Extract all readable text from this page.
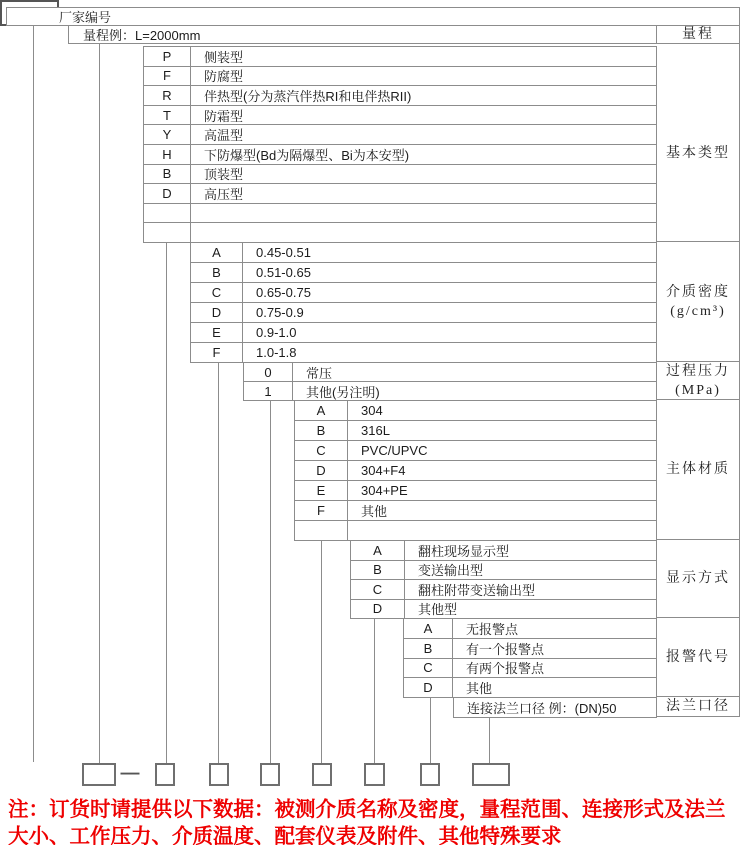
厂家编号
量程例：L=2000mm
P	侧装型
F	防腐型
R	伴热型(分为蒸汽伴热RI和电伴热RII)
T	防霜型
Y	高温型
H	下防爆型(Bd为隔爆型、Bi为本安型)
B	顶装型
D	高压型
A	0.45-0.51
B	0.51-0.65
C	0.65-0.75
D	0.75-0.9
E	0.9-1.0
F	1.0-1.8
0	常压
1	其他(另注明)
A	304
B	316L
C	PVC/UPVC
D	304+F4
E	304+PE
F	其他
A	翻柱现场显示型
B	变送输出型
C	翻柱附带变送输出型
D	其他型
A	无报警点
B	有一个报警点
C	有两个报警点
D	其他
连接法兰口径 例：(DN)50
量程
基本类型
介质密度
(g/cm³)
过程压力
(MPa)
主体材质
显示方式
报警代号
法兰口径
—
注：订货时请提供以下数据：被测介质名称及密度，量程范围、连接形式及法兰
大小、工作压力、介质温度、配套仪表及附件、其他特殊要求
